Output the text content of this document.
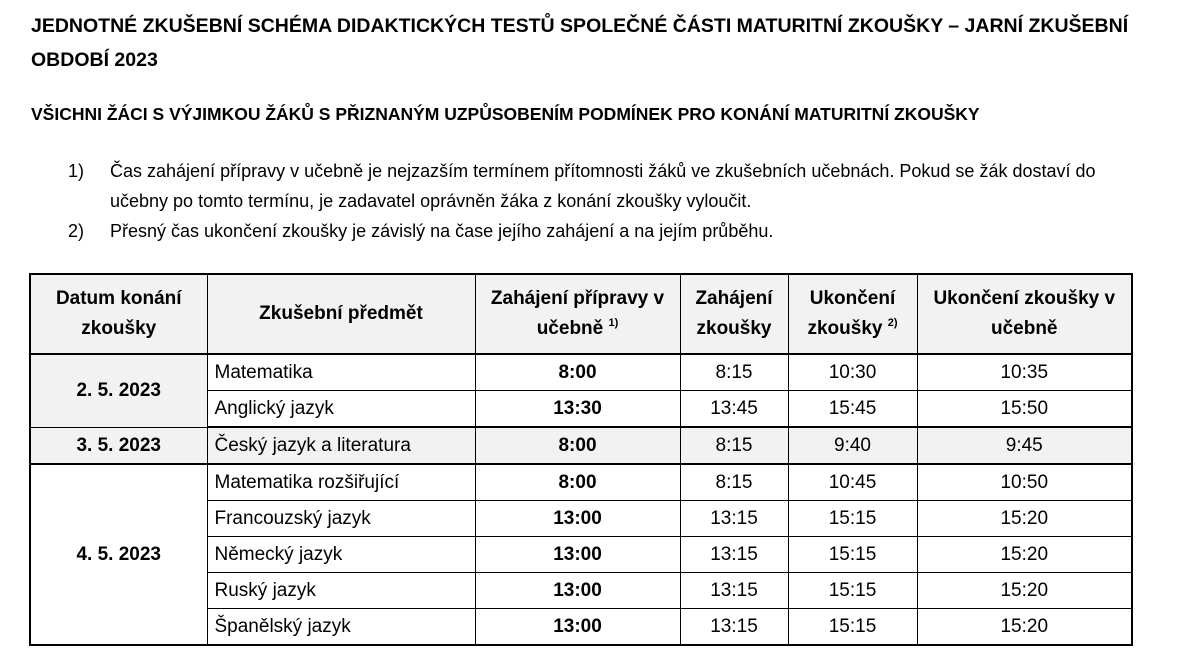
JEDNOTNÉ ZKUŠEBNÍ SCHÉMA DIDAKTICKÝCH TESTŮ SPOLEČNÉ ČÁSTI MATURITNÍ ZKOUŠKY – JARNÍ ZKUŠEBNÍ OBDOBÍ 2023
VŠICHNI ŽÁCI S VÝJIMKOU ŽÁKŮ S PŘIZNANÝM UZPŮSOBENÍM PODMÍNEK PRO KONÁNÍ MATURITNÍ ZKOUŠKY
1)	Čas zahájení přípravy v učebně je nejzazším termínem přítomnosti žáků ve zkušebních učebnách. Pokud se žák dostaví do učebny po tomto termínu, je zadavatel oprávněn žáka z konání zkoušky vyloučit.
2)	Přesný čas ukončení zkoušky je závislý na čase jejího zahájení a na jejím průběhu.
Datum konání zkoušky	Zkušební předmět	Zahájení přípravy v učebně $^{1)}$	Zahájení zkoušky	Ukončení zkoušky $^{2)}$	Ukončení zkoušky v učebně
2. 5. 2023	Matematika	8:00	8:15	10:30	10:35
	Anglický jazyk	13:30	13:45	15:45	15:50
3. 5. 2023	Český jazyk a literatura	8:00	8:15	9:40	9:45
4. 5. 2023	Matematika rozšiřující	8:00	8:15	10:45	10:50
	Francouzský jazyk	13:00	13:15	15:15	15:20
	Německý jazyk	13:00	13:15	15:15	15:20
	Ruský jazyk	13:00	13:15	15:15	15:20
	Španělský jazyk	13:00	13:15	15:15	15:20
